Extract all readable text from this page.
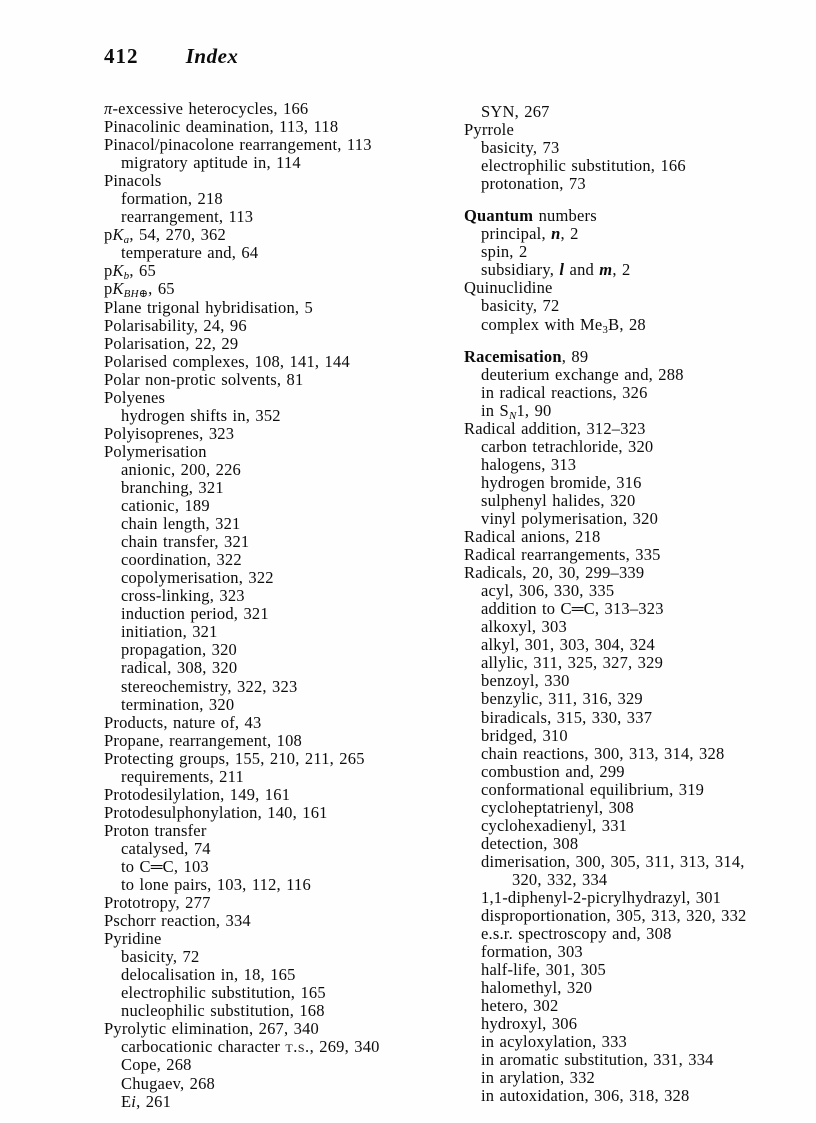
412 Index
π-excessive heterocycles, 166
Pinacolinic deamination, 113, 118
Pinacol/pinacolone rearrangement, 113
migratory aptitude in, 114
Pinacols
formation, 218
rearrangement, 113
pKa, 54, 270, 362
temperature and, 64
pKb, 65
pKBH⊕, 65
Plane trigonal hybridisation, 5
Polarisability, 24, 96
Polarisation, 22, 29
Polarised complexes, 108, 141, 144
Polar non-protic solvents, 81
Polyenes
hydrogen shifts in, 352
Polyisoprenes, 323
Polymerisation
anionic, 200, 226
branching, 321
cationic, 189
chain length, 321
chain transfer, 321
coordination, 322
copolymerisation, 322
cross-linking, 323
induction period, 321
initiation, 321
propagation, 320
radical, 308, 320
stereochemistry, 322, 323
termination, 320
Products, nature of, 43
Propane, rearrangement, 108
Protecting groups, 155, 210, 211, 265
requirements, 211
Protodesilylation, 149, 161
Protodesulphonylation, 140, 161
Proton transfer
catalysed, 74
to C═C, 103
to lone pairs, 103, 112, 116
Prototropy, 277
Pschorr reaction, 334
Pyridine
basicity, 72
delocalisation in, 18, 165
electrophilic substitution, 165
nucleophilic substitution, 168
Pyrolytic elimination, 267, 340
carbocationic character t.s., 269, 340
Cope, 268
Chugaev, 268
Ei, 261
SYN, 267
Pyrrole
basicity, 73
electrophilic substitution, 166
protonation, 73
Quantum numbers
principal, n, 2
spin, 2
subsidiary, l and m, 2
Quinuclidine
basicity, 72
complex with Me3B, 28
Racemisation, 89
deuterium exchange and, 288
in radical reactions, 326
in SN1, 90
Radical addition, 312–323
carbon tetrachloride, 320
halogens, 313
hydrogen bromide, 316
sulphenyl halides, 320
vinyl polymerisation, 320
Radical anions, 218
Radical rearrangements, 335
Radicals, 20, 30, 299–339
acyl, 306, 330, 335
addition to C═C, 313–323
alkoxyl, 303
alkyl, 301, 303, 304, 324
allylic, 311, 325, 327, 329
benzoyl, 330
benzylic, 311, 316, 329
biradicals, 315, 330, 337
bridged, 310
chain reactions, 300, 313, 314, 328
combustion and, 299
conformational equilibrium, 319
cycloheptatrienyl, 308
cyclohexadienyl, 331
detection, 308
dimerisation, 300, 305, 311, 313, 314,
320, 332, 334
1,1-diphenyl-2-picrylhydrazyl, 301
disproportionation, 305, 313, 320, 332
e.s.r. spectroscopy and, 308
formation, 303
half-life, 301, 305
halomethyl, 320
hetero, 302
hydroxyl, 306
in acyloxylation, 333
in aromatic substitution, 331, 334
in arylation, 332
in autoxidation, 306, 318, 328
